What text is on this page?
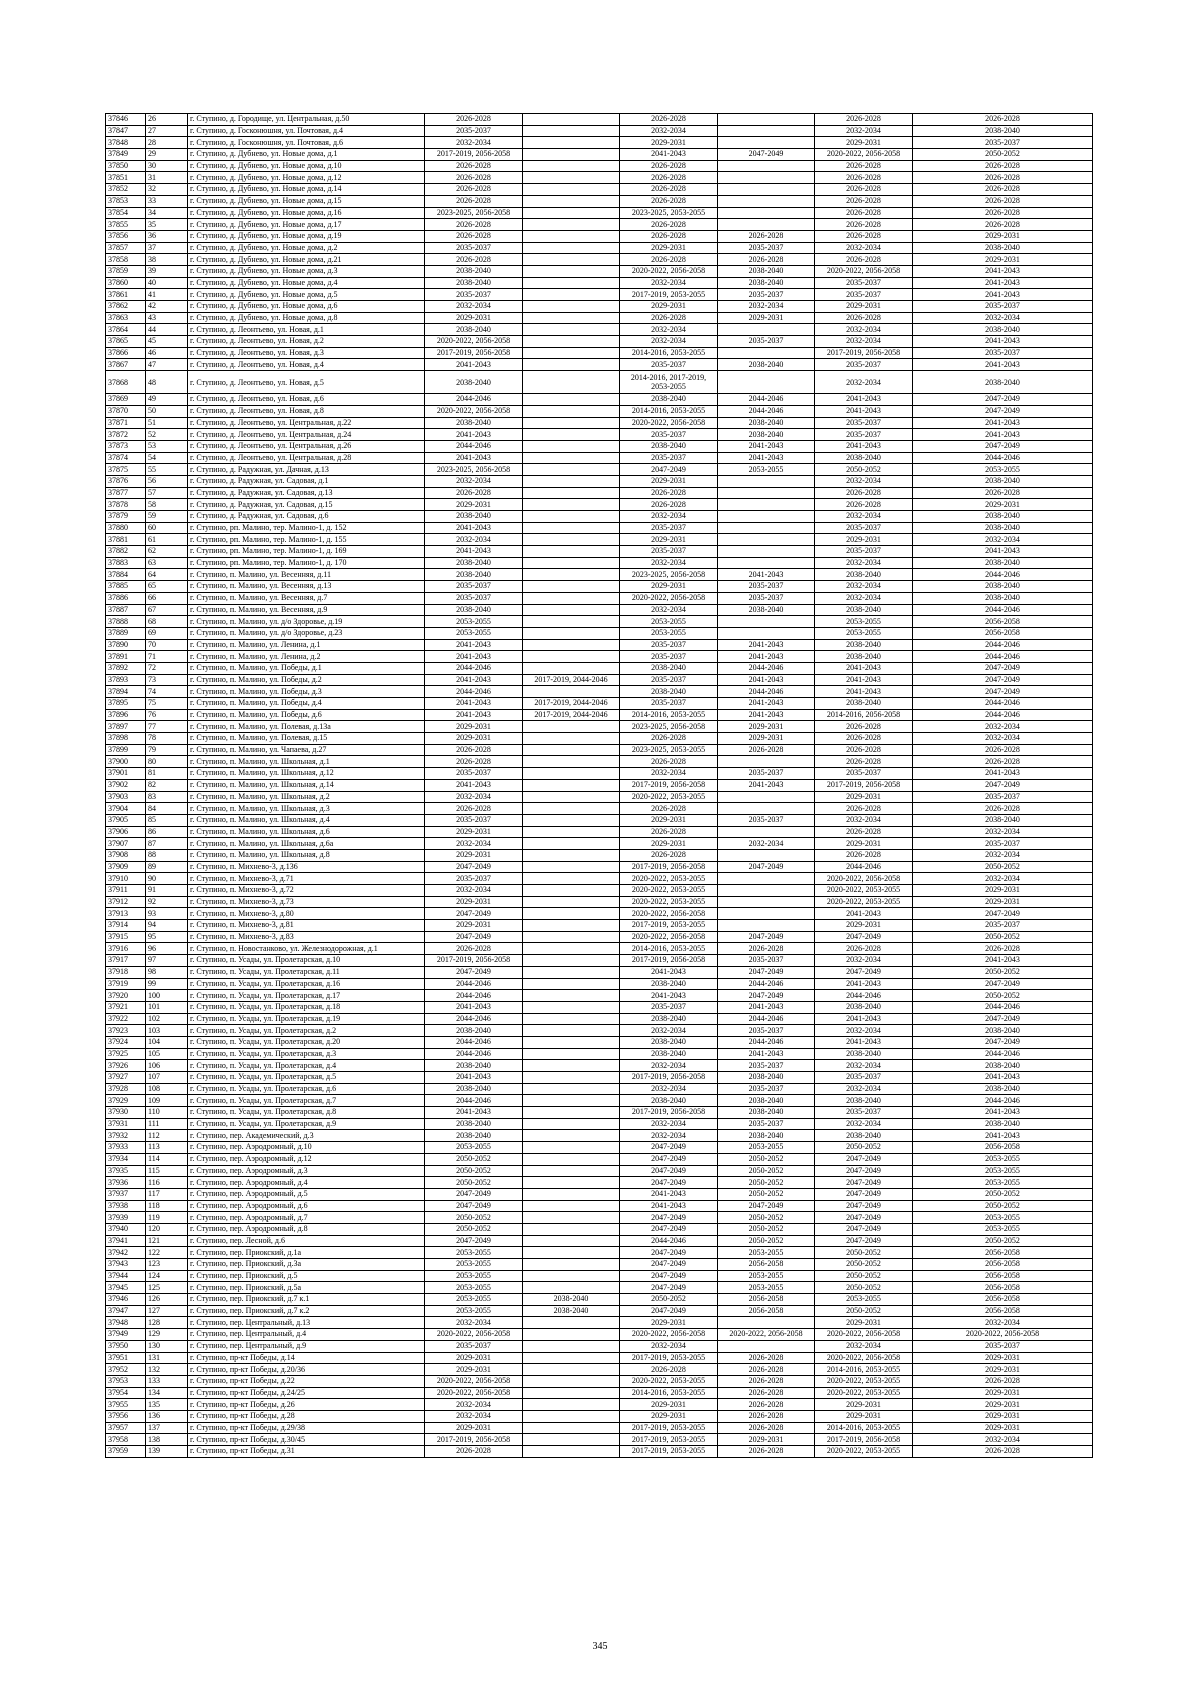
37846	26	г. Ступино, д. Городище, ул. Центральная, д.50	2026-2028		2026-2028		2026-2028	2026-2028
37847	27	г. Ступино, д. Госконюшня, ул. Почтовая, д.4	2035-2037		2032-2034		2032-2034	2038-2040
37848	28	г. Ступино, д. Госконюшня, ул. Почтовая, д.6	2032-2034		2029-2031		2029-2031	2035-2037
37849	29	г. Ступино, д. Дубнево, ул. Новые дома, д.1	2017-2019, 2056-2058		2041-2043	2047-2049	2020-2022, 2056-2058	2050-2052
37850	30	г. Ступино, д. Дубнево, ул. Новые дома, д.10	2026-2028		2026-2028		2026-2028	2026-2028
37851	31	г. Ступино, д. Дубнево, ул. Новые дома, д.12	2026-2028		2026-2028		2026-2028	2026-2028
37852	32	г. Ступино, д. Дубнево, ул. Новые дома, д.14	2026-2028		2026-2028		2026-2028	2026-2028
37853	33	г. Ступино, д. Дубнево, ул. Новые дома, д.15	2026-2028		2026-2028		2026-2028	2026-2028
37854	34	г. Ступино, д. Дубнево, ул. Новые дома, д.16	2023-2025, 2056-2058		2023-2025, 2053-2055		2026-2028	2026-2028
37855	35	г. Ступино, д. Дубнево, ул. Новые дома, д.17	2026-2028		2026-2028		2026-2028	2026-2028
37856	36	г. Ступино, д. Дубнево, ул. Новые дома, д.19	2026-2028		2026-2028	2026-2028	2026-2028	2029-2031
37857	37	г. Ступино, д. Дубнево, ул. Новые дома, д.2	2035-2037		2029-2031	2035-2037	2032-2034	2038-2040
37858	38	г. Ступино, д. Дубнево, ул. Новые дома, д.21	2026-2028		2026-2028	2026-2028	2026-2028	2029-2031
37859	39	г. Ступино, д. Дубнево, ул. Новые дома, д.3	2038-2040		2020-2022, 2056-2058	2038-2040	2020-2022, 2056-2058	2041-2043
37860	40	г. Ступино, д. Дубнево, ул. Новые дома, д.4	2038-2040		2032-2034	2038-2040	2035-2037	2041-2043
37861	41	г. Ступино, д. Дубнево, ул. Новые дома, д.5	2035-2037		2017-2019, 2053-2055	2035-2037	2035-2037	2041-2043
37862	42	г. Ступино, д. Дубнево, ул. Новые дома, д.6	2032-2034		2029-2031	2032-2034	2029-2031	2035-2037
37863	43	г. Ступино, д. Дубнево, ул. Новые дома, д.8	2029-2031		2026-2028	2029-2031	2026-2028	2032-2034
37864	44	г. Ступино, д. Леонтьево, ул. Новая, д.1	2038-2040		2032-2034		2032-2034	2038-2040
37865	45	г. Ступино, д. Леонтьево, ул. Новая, д.2	2020-2022, 2056-2058		2032-2034	2035-2037	2032-2034	2041-2043
37866	46	г. Ступино, д. Леонтьево, ул. Новая, д.3	2017-2019, 2056-2058		2014-2016, 2053-2055		2017-2019, 2056-2058	2035-2037
37867	47	г. Ступино, д. Леонтьево, ул. Новая, д.4	2041-2043		2035-2037	2038-2040	2035-2037	2041-2043
37868	48	г. Ступино, д. Леонтьево, ул. Новая, д.5	2038-2040		2014-2016, 2017-2019, 2053-2055		2032-2034	2038-2040
37869	49	г. Ступино, д. Леонтьево, ул. Новая, д.6	2044-2046		2038-2040	2044-2046	2041-2043	2047-2049
37870	50	г. Ступино, д. Леонтьево, ул. Новая, д.8	2020-2022, 2056-2058		2014-2016, 2053-2055	2044-2046	2041-2043	2047-2049
37871	51	г. Ступино, д. Леонтьево, ул. Центральная, д.22	2038-2040		2020-2022, 2056-2058	2038-2040	2035-2037	2041-2043
37872	52	г. Ступино, д. Леонтьево, ул. Центральная, д.24	2041-2043		2035-2037	2038-2040	2035-2037	2041-2043
37873	53	г. Ступино, д. Леонтьево, ул. Центральная, д.26	2044-2046		2038-2040	2041-2043	2041-2043	2047-2049
37874	54	г. Ступино, д. Леонтьево, ул. Центральная, д.28	2041-2043		2035-2037	2041-2043	2038-2040	2044-2046
37875	55	г. Ступино, д. Радужная, ул. Дачная, д.13	2023-2025, 2056-2058		2047-2049	2053-2055	2050-2052	2053-2055
37876	56	г. Ступино, д. Радужная, ул. Садовая, д.1	2032-2034		2029-2031		2032-2034	2038-2040
37877	57	г. Ступино, д. Радужная, ул. Садовая, д.13	2026-2028		2026-2028		2026-2028	2026-2028
37878	58	г. Ступино, д. Радужная, ул. Садовая, д.15	2029-2031		2026-2028		2026-2028	2029-2031
37879	59	г. Ступино, д. Радужная, ул. Садовая, д.6	2038-2040		2032-2034		2032-2034	2038-2040
37880	60	г. Ступино, рп. Малино, тер. Малино-1, д. 152	2041-2043		2035-2037		2035-2037	2038-2040
37881	61	г. Ступино, рп. Малино, тер. Малино-1, д. 155	2032-2034		2029-2031		2029-2031	2032-2034
37882	62	г. Ступино, рп. Малино, тер. Малино-1, д. 169	2041-2043		2035-2037		2035-2037	2041-2043
37883	63	г. Ступино, рп. Малино, тер. Малино-1, д. 170	2038-2040		2032-2034		2032-2034	2038-2040
37884	64	г. Ступино, п. Малино, ул. Весенняя, д.11	2038-2040		2023-2025, 2056-2058	2041-2043	2038-2040	2044-2046
37885	65	г. Ступино, п. Малино, ул. Весенняя, д.13	2035-2037		2029-2031	2035-2037	2032-2034	2038-2040
37886	66	г. Ступино, п. Малино, ул. Весенняя, д.7	2035-2037		2020-2022, 2056-2058	2035-2037	2032-2034	2038-2040
37887	67	г. Ступино, п. Малино, ул. Весенняя, д.9	2038-2040		2032-2034	2038-2040	2038-2040	2044-2046
37888	68	г. Ступино, п. Малино, ул. д/о Здоровье, д.19	2053-2055		2053-2055		2053-2055	2056-2058
37889	69	г. Ступино, п. Малино, ул. д/о Здоровье, д.23	2053-2055		2053-2055		2053-2055	2056-2058
37890	70	г. Ступино, п. Малино, ул. Ленина, д.1	2041-2043		2035-2037	2041-2043	2038-2040	2044-2046
37891	71	г. Ступино, п. Малино, ул. Ленина, д.2	2041-2043		2035-2037	2041-2043	2038-2040	2044-2046
37892	72	г. Ступино, п. Малино, ул. Победы, д.1	2044-2046		2038-2040	2044-2046	2041-2043	2047-2049
37893	73	г. Ступино, п. Малино, ул. Победы, д.2	2041-2043	2017-2019, 2044-2046	2035-2037	2041-2043	2041-2043	2047-2049
37894	74	г. Ступино, п. Малино, ул. Победы, д.3	2044-2046		2038-2040	2044-2046	2041-2043	2047-2049
37895	75	г. Ступино, п. Малино, ул. Победы, д.4	2041-2043	2017-2019, 2044-2046	2035-2037	2041-2043	2038-2040	2044-2046
37896	76	г. Ступино, п. Малино, ул. Победы, д.6	2041-2043	2017-2019, 2044-2046	2014-2016, 2053-2055	2041-2043	2014-2016, 2056-2058	2044-2046
37897	77	г. Ступино, п. Малино, ул. Полевая, д.13а	2029-2031		2023-2025, 2056-2058	2029-2031	2026-2028	2032-2034
37898	78	г. Ступино, п. Малино, ул. Полевая, д.15	2029-2031		2026-2028	2029-2031	2026-2028	2032-2034
37899	79	г. Ступино, п. Малино, ул. Чапаева, д.27	2026-2028		2023-2025, 2053-2055	2026-2028	2026-2028	2026-2028
37900	80	г. Ступино, п. Малино, ул. Школьная, д.1	2026-2028		2026-2028		2026-2028	2026-2028
37901	81	г. Ступино, п. Малино, ул. Школьная, д.12	2035-2037		2032-2034	2035-2037	2035-2037	2041-2043
37902	82	г. Ступино, п. Малино, ул. Школьная, д.14	2041-2043		2017-2019, 2056-2058	2041-2043	2017-2019, 2056-2058	2047-2049
37903	83	г. Ступино, п. Малино, ул. Школьная, д.2	2032-2034		2020-2022, 2053-2055		2029-2031	2035-2037
37904	84	г. Ступино, п. Малино, ул. Школьная, д.3	2026-2028		2026-2028		2026-2028	2026-2028
37905	85	г. Ступино, п. Малино, ул. Школьная, д.4	2035-2037		2029-2031	2035-2037	2032-2034	2038-2040
37906	86	г. Ступино, п. Малино, ул. Школьная, д.6	2029-2031		2026-2028		2026-2028	2032-2034
37907	87	г. Ступино, п. Малино, ул. Школьная, д.6а	2032-2034		2029-2031	2032-2034	2029-2031	2035-2037
37908	88	г. Ступино, п. Малино, ул. Школьная, д.8	2029-2031		2026-2028		2026-2028	2032-2034
37909	89	г. Ступино, п. Михнево-3, д.136	2047-2049		2017-2019, 2056-2058	2047-2049	2044-2046	2050-2052
37910	90	г. Ступино, п. Михнево-3, д.71	2035-2037		2020-2022, 2053-2055		2020-2022, 2056-2058	2032-2034
37911	91	г. Ступино, п. Михнево-3, д.72	2032-2034		2020-2022, 2053-2055		2020-2022, 2053-2055	2029-2031
37912	92	г. Ступино, п. Михнево-3, д.73	2029-2031		2020-2022, 2053-2055		2020-2022, 2053-2055	2029-2031
37913	93	г. Ступино, п. Михнево-3, д.80	2047-2049		2020-2022, 2056-2058		2041-2043	2047-2049
37914	94	г. Ступино, п. Михнево-3, д.81	2029-2031		2017-2019, 2053-2055		2029-2031	2035-2037
37915	95	г. Ступино, п. Михнево-3, д.83	2047-2049		2020-2022, 2056-2058	2047-2049	2047-2049	2050-2052
37916	96	г. Ступино, п. Новостанково, ул. Железнодорожная, д.1	2026-2028		2014-2016, 2053-2055	2026-2028	2026-2028	2026-2028
37917	97	г. Ступино, п. Усады, ул. Пролетарская, д.10	2017-2019, 2056-2058		2017-2019, 2056-2058	2035-2037	2032-2034	2041-2043
37918	98	г. Ступино, п. Усады, ул. Пролетарская, д.11	2047-2049		2041-2043	2047-2049	2047-2049	2050-2052
37919	99	г. Ступино, п. Усады, ул. Пролетарская, д.16	2044-2046		2038-2040	2044-2046	2041-2043	2047-2049
37920	100	г. Ступино, п. Усады, ул. Пролетарская, д.17	2044-2046		2041-2043	2047-2049	2044-2046	2050-2052
37921	101	г. Ступино, п. Усады, ул. Пролетарская, д.18	2041-2043		2035-2037	2041-2043	2038-2040	2044-2046
37922	102	г. Ступино, п. Усады, ул. Пролетарская, д.19	2044-2046		2038-2040	2044-2046	2041-2043	2047-2049
37923	103	г. Ступино, п. Усады, ул. Пролетарская, д.2	2038-2040		2032-2034	2035-2037	2032-2034	2038-2040
37924	104	г. Ступино, п. Усады, ул. Пролетарская, д.20	2044-2046		2038-2040	2044-2046	2041-2043	2047-2049
37925	105	г. Ступино, п. Усады, ул. Пролетарская, д.3	2044-2046		2038-2040	2041-2043	2038-2040	2044-2046
37926	106	г. Ступино, п. Усады, ул. Пролетарская, д.4	2038-2040		2032-2034	2035-2037	2032-2034	2038-2040
37927	107	г. Ступино, п. Усады, ул. Пролетарская, д.5	2041-2043		2017-2019, 2056-2058	2038-2040	2035-2037	2041-2043
37928	108	г. Ступино, п. Усады, ул. Пролетарская, д.6	2038-2040		2032-2034	2035-2037	2032-2034	2038-2040
37929	109	г. Ступино, п. Усады, ул. Пролетарская, д.7	2044-2046		2038-2040	2038-2040	2038-2040	2044-2046
37930	110	г. Ступино, п. Усады, ул. Пролетарская, д.8	2041-2043		2017-2019, 2056-2058	2038-2040	2035-2037	2041-2043
37931	111	г. Ступино, п. Усады, ул. Пролетарская, д.9	2038-2040		2032-2034	2035-2037	2032-2034	2038-2040
37932	112	г. Ступино, пер. Академический, д.3	2038-2040		2032-2034	2038-2040	2038-2040	2041-2043
37933	113	г. Ступино, пер. Аэродромный, д.10	2053-2055		2047-2049	2053-2055	2050-2052	2056-2058
37934	114	г. Ступино, пер. Аэродромный, д.12	2050-2052		2047-2049	2050-2052	2047-2049	2053-2055
37935	115	г. Ступино, пер. Аэродромный, д.3	2050-2052		2047-2049	2050-2052	2047-2049	2053-2055
37936	116	г. Ступино, пер. Аэродромный, д.4	2050-2052		2047-2049	2050-2052	2047-2049	2053-2055
37937	117	г. Ступино, пер. Аэродромный, д.5	2047-2049		2041-2043	2050-2052	2047-2049	2050-2052
37938	118	г. Ступино, пер. Аэродромный, д.6	2047-2049		2041-2043	2047-2049	2047-2049	2050-2052
37939	119	г. Ступино, пер. Аэродромный, д.7	2050-2052		2047-2049	2050-2052	2047-2049	2053-2055
37940	120	г. Ступино, пер. Аэродромный, д.8	2050-2052		2047-2049	2050-2052	2047-2049	2053-2055
37941	121	г. Ступино, пер. Лесной, д.6	2047-2049		2044-2046	2050-2052	2047-2049	2050-2052
37942	122	г. Ступино, пер. Приокский, д.1а	2053-2055		2047-2049	2053-2055	2050-2052	2056-2058
37943	123	г. Ступино, пер. Приокский, д.3а	2053-2055		2047-2049	2056-2058	2050-2052	2056-2058
37944	124	г. Ступино, пер. Приокский, д.5	2053-2055		2047-2049	2053-2055	2050-2052	2056-2058
37945	125	г. Ступино, пер. Приокский, д.5а	2053-2055		2047-2049	2053-2055	2050-2052	2056-2058
37946	126	г. Ступино, пер. Приокский, д.7 к.1	2053-2055	2038-2040	2050-2052	2056-2058	2053-2055	2056-2058
37947	127	г. Ступино, пер. Приокский, д.7 к.2	2053-2055	2038-2040	2047-2049	2056-2058	2050-2052	2056-2058
37948	128	г. Ступино, пер. Центральный, д.13	2032-2034		2029-2031		2029-2031	2032-2034
37949	129	г. Ступино, пер. Центральный, д.4	2020-2022, 2056-2058		2020-2022, 2056-2058	2020-2022, 2056-2058	2020-2022, 2056-2058	2020-2022, 2056-2058
37950	130	г. Ступино, пер. Центральный, д.9	2035-2037		2032-2034		2032-2034	2035-2037
37951	131	г. Ступино, пр-кт Победы, д.14	2029-2031		2017-2019, 2053-2055	2026-2028	2020-2022, 2056-2058	2029-2031
37952	132	г. Ступино, пр-кт Победы, д.20/36	2029-2031		2026-2028	2026-2028	2014-2016, 2053-2055	2029-2031
37953	133	г. Ступино, пр-кт Победы, д.22	2020-2022, 2056-2058		2020-2022, 2053-2055	2026-2028	2020-2022, 2053-2055	2026-2028
37954	134	г. Ступино, пр-кт Победы, д.24/25	2020-2022, 2056-2058		2014-2016, 2053-2055	2026-2028	2020-2022, 2053-2055	2029-2031
37955	135	г. Ступино, пр-кт Победы, д.26	2032-2034		2029-2031	2026-2028	2029-2031	2029-2031
37956	136	г. Ступино, пр-кт Победы, д.28	2032-2034		2029-2031	2026-2028	2029-2031	2029-2031
37957	137	г. Ступино, пр-кт Победы, д.29/38	2029-2031		2017-2019, 2053-2055	2026-2028	2014-2016, 2053-2055	2029-2031
37958	138	г. Ступино, пр-кт Победы, д.30/45	2017-2019, 2056-2058		2017-2019, 2053-2055	2029-2031	2017-2019, 2056-2058	2032-2034
37959	139	г. Ступино, пр-кт Победы, д.31	2026-2028		2017-2019, 2053-2055	2026-2028	2020-2022, 2053-2055	2026-2028
345
